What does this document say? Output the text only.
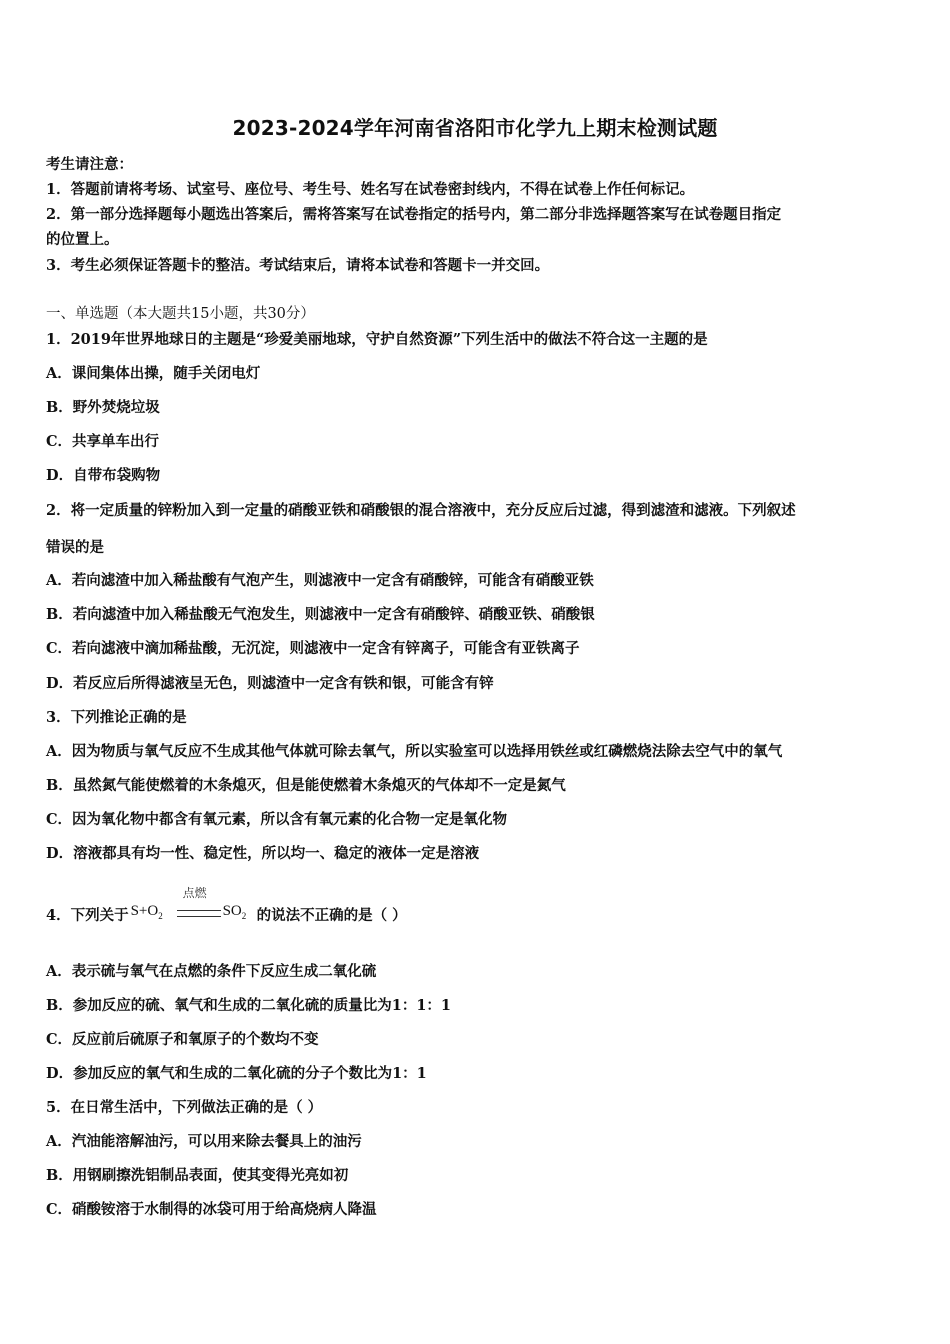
2023-2024学年河南省洛阳市化学九上期末检测试题
考生请注意：
1．答题前请将考场、试室号、座位号、考生号、姓名写在试卷密封线内，不得在试卷上作任何标记。
2．第一部分选择题每小题选出答案后，需将答案写在试卷指定的括号内，第二部分非选择题答案写在试卷题目指定
的位置上。
3．考生必须保证答题卡的整洁。考试结束后，请将本试卷和答题卡一并交回。
一、单选题（本大题共15小题，共30分）
1．2019年世界地球日的主题是“珍爱美丽地球，守护自然资源”下列生活中的做法不符合这一主题的是
A．课间集体出操，随手关闭电灯
B．野外焚烧垃圾
C．共享单车出行
D．自带布袋购物
2．将一定质量的锌粉加入到一定量的硝酸亚铁和硝酸银的混合溶液中，充分反应后过滤，得到滤渣和滤液。下列叙述
错误的是
A．若向滤渣中加入稀盐酸有气泡产生，则滤液中一定含有硝酸锌，可能含有硝酸亚铁
B．若向滤渣中加入稀盐酸无气泡发生，则滤液中一定含有硝酸锌、硝酸亚铁、硝酸银
C．若向滤液中滴加稀盐酸，无沉淀，则滤液中一定含有锌离子，可能含有亚铁离子
D．若反应后所得滤液呈无色，则滤渣中一定含有铁和银，可能含有锌
3．下列推论正确的是
A．因为物质与氧气反应不生成其他气体就可除去氧气，所以实验室可以选择用铁丝或红磷燃烧法除去空气中的氧气
B．虽然氮气能使燃着的木条熄灭，但是能使燃着木条熄灭的气体却不一定是氮气
C．因为氧化物中都含有氧元素，所以含有氧元素的化合物一定是氧化物
D．溶液都具有均一性、稳定性，所以均一、稳定的液体一定是溶液
4．下列关于 $S+O_2$
点燃
$SO_2$ 的说法不正确的是（ ）
A．表示硫与氧气在点燃的条件下反应生成二氧化硫
B．参加反应的硫、氧气和生成的二氧化硫的质量比为1：1：1
C．反应前后硫原子和氧原子的个数均不变
D．参加反应的氧气和生成的二氧化硫的分子个数比为1：1
5．在日常生活中，下列做法正确的是（ ）
A．汽油能溶解油污，可以用来除去餐具上的油污
B．用钢刷擦洗铝制品表面，使其变得光亮如初
C．硝酸铵溶于水制得的冰袋可用于给高烧病人降温
